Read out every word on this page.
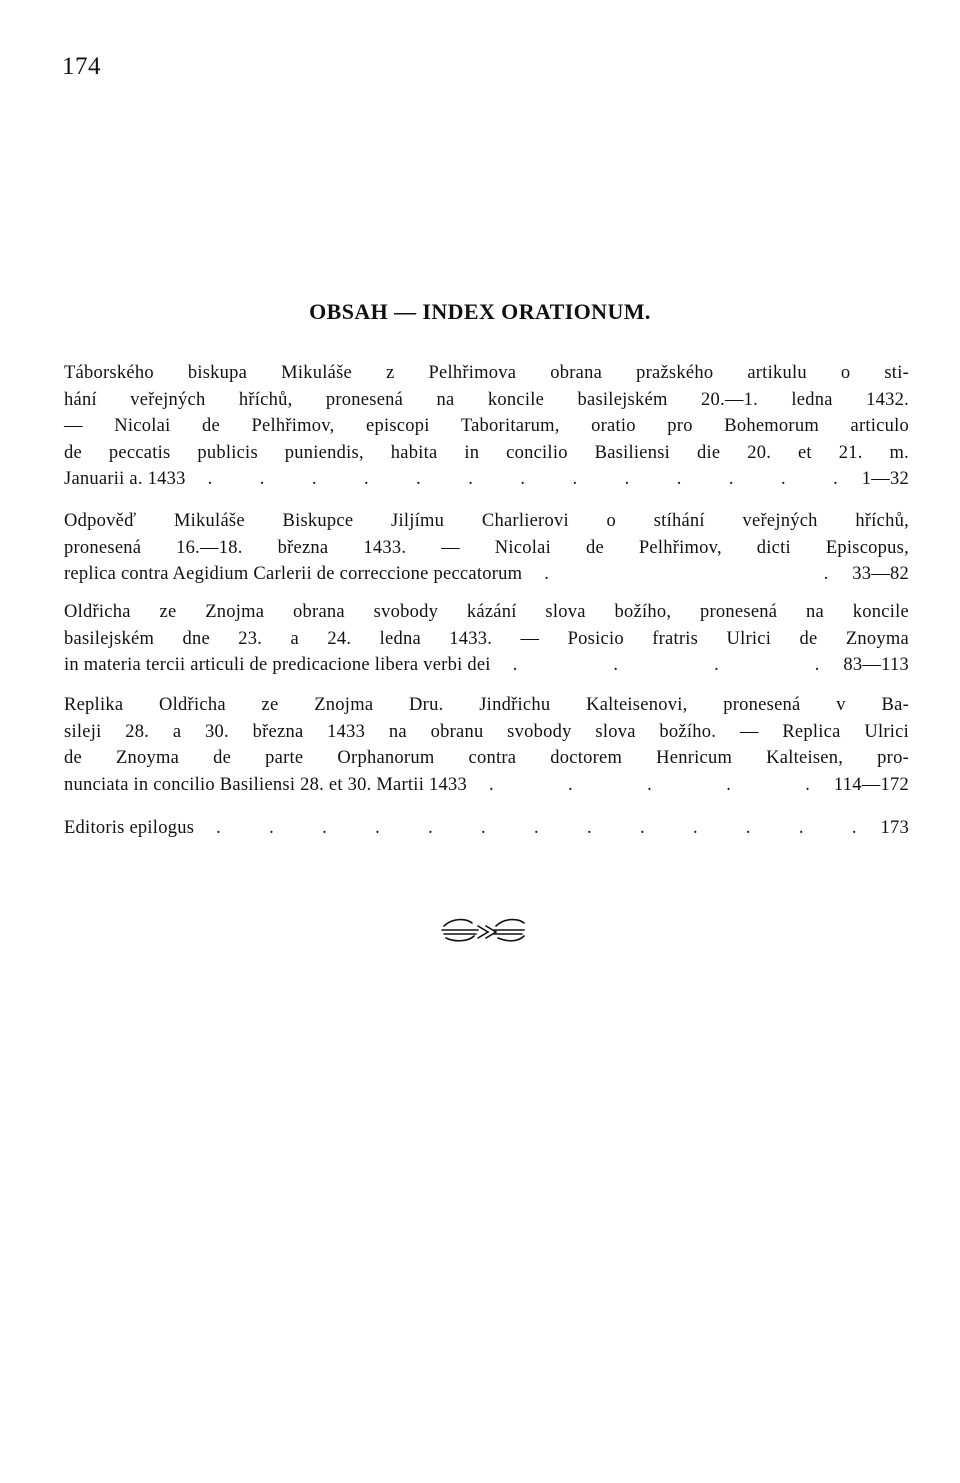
174
OBSAH — INDEX ORATIONUM.
Táborského biskupa Mikuláše z Pelhřimova obrana pražského artikulu o sti-
hání veřejných hříchů, pronesená na koncile basilejském 20.—1. ledna 1432.
— Nicolai de Pelhřimov, episcopi Taboritarum, oratio pro Bohemorum articulo
de peccatis publicis puniendis, habita in concilio Basiliensi die 20. et 21. m.
Januarii a. 1433	. . . . . . . . . . . . . 1—32
Odpověď Mikuláše Biskupce Jiljímu Charlierovi o stíhání veřejných hříchů,
pronesená 16.—18. března 1433. — Nicolai de Pelhřimov, dicti Episcopus,
replica contra Aegidium Carlerii de correccione peccatorum	. . 33—82
Oldřicha ze Znojma obrana svobody kázání slova božího, pronesená na koncile
basilejském dne 23. a 24. ledna 1433. — Posicio fratris Ulrici de Znoyma
in materia tercii articuli de predicacione libera verbi dei	. . . . 83—113
Replika Oldřicha ze Znojma Dru. Jindřichu Kalteisenovi, pronesená v Ba-
sileji 28. a 30. března 1433 na obranu svobody slova božího. — Replica Ulrici
de Znoyma de parte Orphanorum contra doctorem Henricum Kalteisen, pro-
nunciata in concilio Basiliensi 28. et 30. Martii 1433	. . . . . 114—172
Editoris epilogus	. . . . . . . . . . . . . 173
